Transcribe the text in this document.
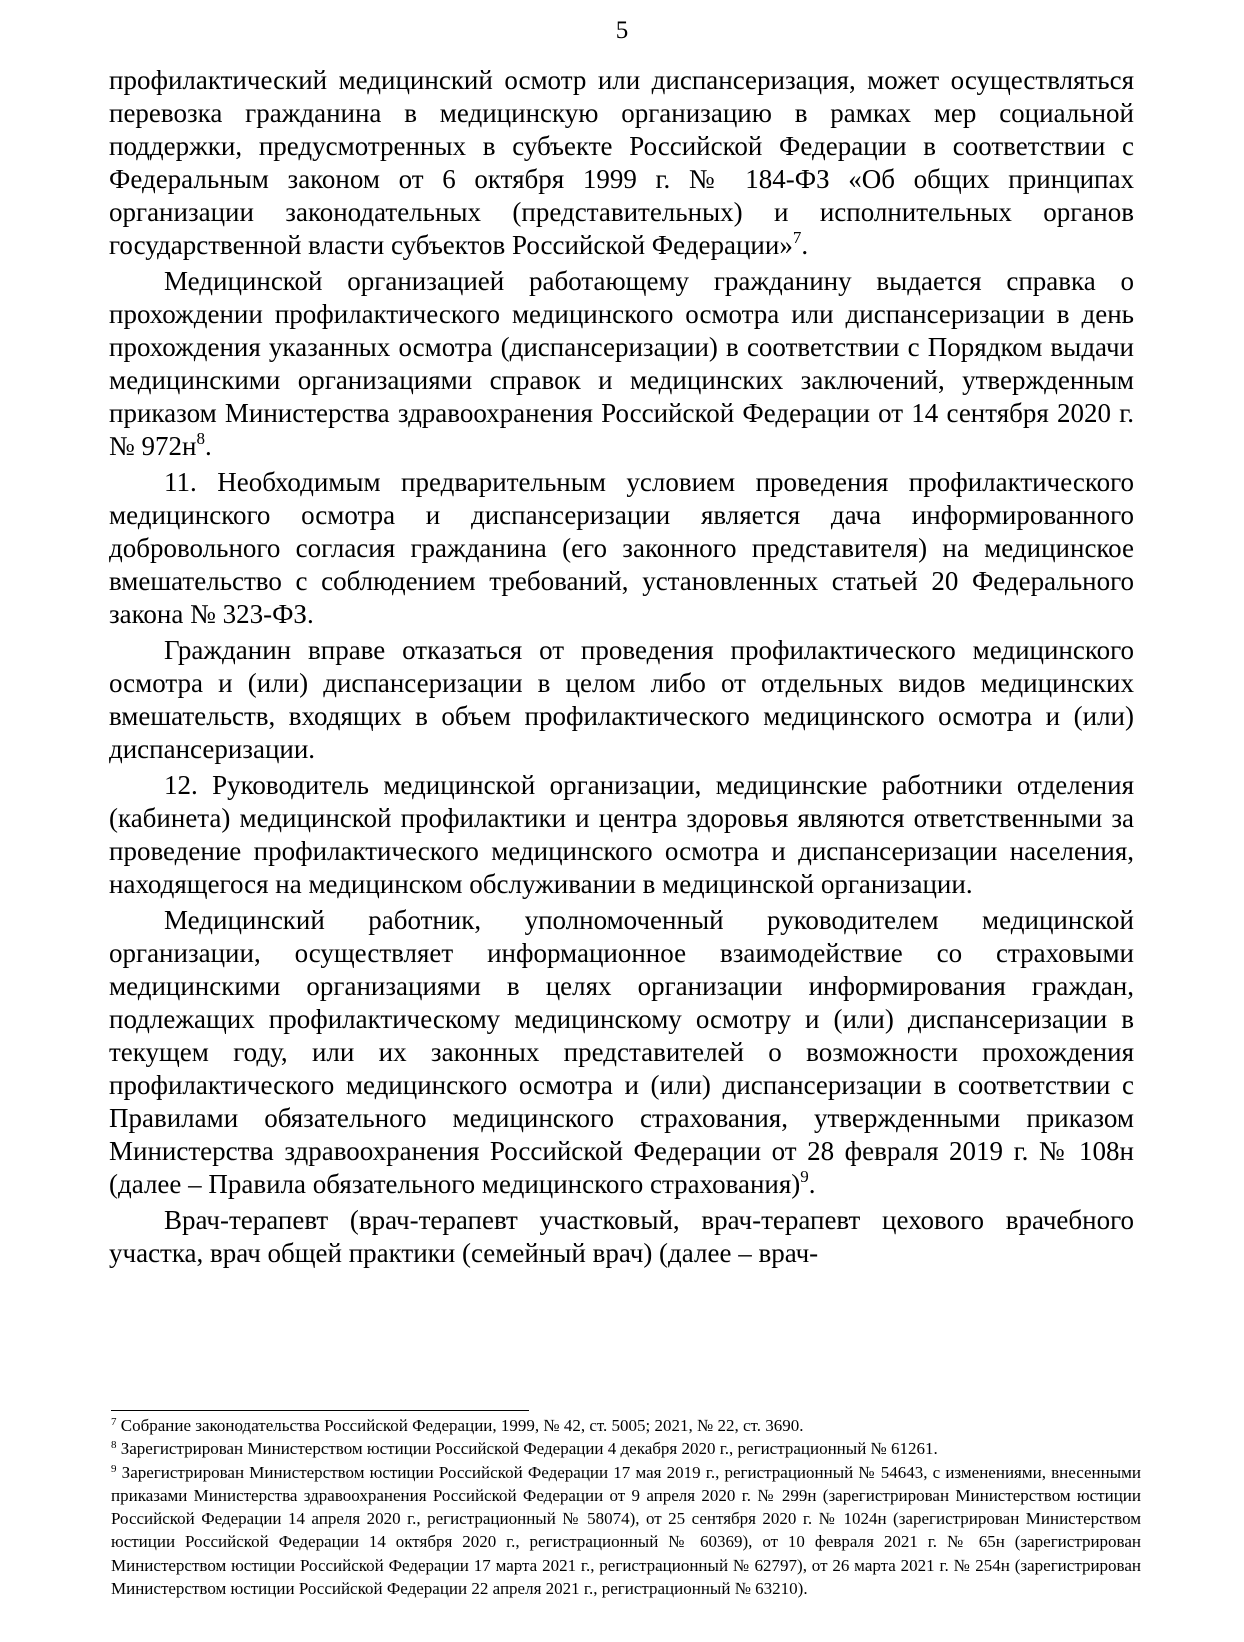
5

профилактический медицинский осмотр или диспансеризация, может осуществляться перевозка гражданина в медицинскую организацию в рамках мер социальной поддержки, предусмотренных в субъекте Российской Федерации в соответствии с Федеральным законом от 6 октября 1999 г. № 184-ФЗ «Об общих принципах организации законодательных (представительных) и исполнительных органов государственной власти субъектов Российской Федерации»$^7$.

Медицинской организацией работающему гражданину выдается справка о прохождении профилактического медицинского осмотра или диспансеризации в день прохождения указанных осмотра (диспансеризации) в соответствии с Порядком выдачи медицинскими организациями справок и медицинских заключений, утвержденным приказом Министерства здравоохранения Российской Федерации от 14 сентября 2020 г. № $972н^8$.

11. Необходимым предварительным условием проведения профилактического медицинского осмотра и диспансеризации является дача информированного добровольного согласия гражданина (его законного представителя) на медицинское вмешательство с соблюдением требований, установленных статьей 20 Федерального закона № 323-ФЗ.

Гражданин вправе отказаться от проведения профилактического медицинского осмотра и (или) диспансеризации в целом либо от отдельных видов медицинских вмешательств, входящих в объем профилактического медицинского осмотра и (или) диспансеризации.

12. Руководитель медицинской организации, медицинские работники отделения (кабинета) медицинской профилактики и центра здоровья являются ответственными за проведение профилактического медицинского осмотра и диспансеризации населения, находящегося на медицинском обслуживании в медицинской организации.

Медицинский работник, уполномоченный руководителем медицинской организации, осуществляет информационное взаимодействие со страховыми медицинскими организациями в целях организации информирования граждан, подлежащих профилактическому медицинскому осмотру и (или) диспансеризации в текущем году, или их законных представителей о возможности прохождения профилактического медицинского осмотра и (или) диспансеризации в соответствии с Правилами обязательного медицинского страхования, утвержденными приказом Министерства здравоохранения Российской Федерации от 28 февраля 2019 г. № 108н (далее – Правила обязательного медицинского страхования)$^9$.

Врач-терапевт (врач-терапевт участковый, врач-терапевт цехового врачебного участка, врач общей практики (семейный врач) (далее – врач-

$^7$ Собрание законодательства Российской Федерации, 1999, № 42, ст. 5005; 2021, № 22, ст. 3690.

$^8$ Зарегистрирован Министерством юстиции Российской Федерации 4 декабря 2020 г., регистрационный № 61261.

$^9$ Зарегистрирован Министерством юстиции Российской Федерации 17 мая 2019 г., регистрационный № 54643, с изменениями, внесенными приказами Министерства здравоохранения Российской Федерации от 9 апреля 2020 г. № 299н (зарегистрирован Министерством юстиции Российской Федерации 14 апреля 2020 г., регистрационный № 58074), от 25 сентября 2020 г. № 1024н (зарегистрирован Министерством юстиции Российской Федерации 14 октября 2020 г., регистрационный № 60369), от 10 февраля 2021 г. № 65н (зарегистрирован Министерством юстиции Российской Федерации 17 марта 2021 г., регистрационный № 62797), от 26 марта 2021 г. № 254н (зарегистрирован Министерством юстиции Российской Федерации 22 апреля 2021 г., регистрационный № 63210).
